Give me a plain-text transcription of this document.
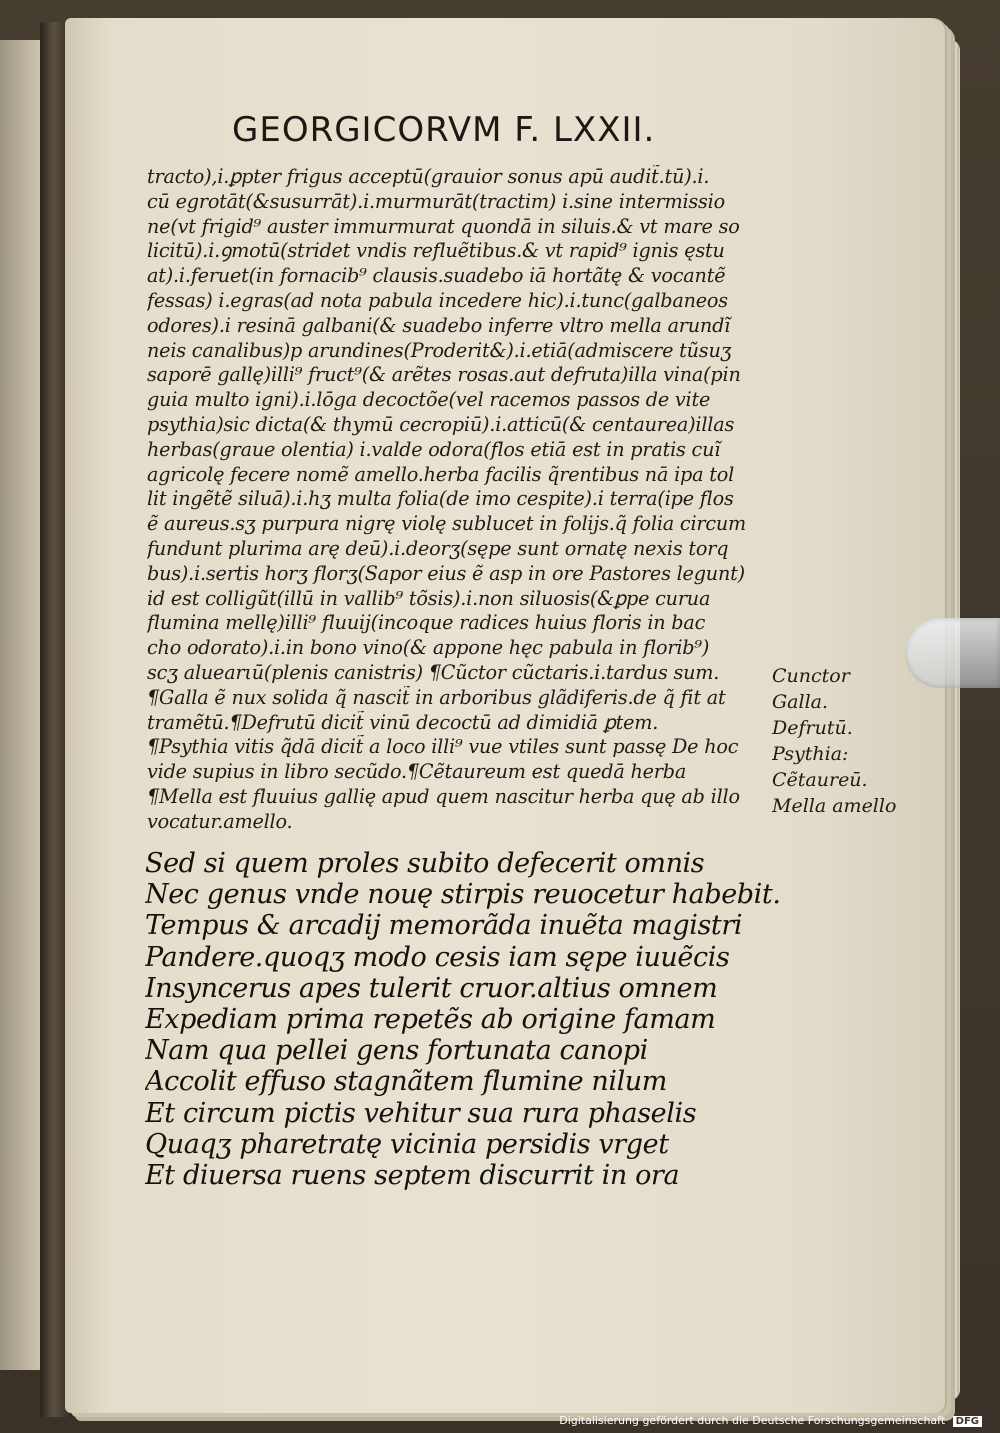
GEORGICORVM F. LXXII.
tracto),i.ꝑpter frigus acceptū(grauior sonus apū audit̃.tū).i.
cū egrotāt(&susurrāt).i.murmurāt(tractim) i.sine intermissio
ne(vt frigid⁹ auster immurmurat quondā in siluis.& vt mare so
licitū).i.ꝯmotū(stridet vndis refluẽtibus.& vt rapid⁹ ignis ęstu
at).i.feruet(in fornacib⁹ clausis.suadebo iā hortãtę & vocantẽ
fessas) i.egras(ad nota pabula incedere hic).i.tunc(galbaneos
odores).i resinā galbani(& suadebo inferre vltro mella arundĩ
neis canalibus)p arundines(Proderit&).i.etiā(admiscere tũsuʒ
saporē gallę)illi⁹ fruct⁹(& arẽtes rosas.aut defruta)illa vina(pin
guia multo igni).i.lōga decoctõe(vel racemos passos de vite
psythia)sic dicta(& thymū cecropiū).i.atticū(& centaurea)illas
herbas(graue olentia) i.valde odora(flos etiā est in pratis cuĩ
agricolę fecere nomẽ amello.herba facilis q̃rentibus nā ipa tol
lit ingẽtẽ siluā).i.hʒ multa folia(de imo cespite).i terra(ipe flos
ẽ aureus.sʒ purpura nigrę violę sublucet in folijs.q̃ folia circum
fundunt plurima arę deū).i.deorʒ(sępe sunt ornatę nexis torq
bus).i.sertis horʒ florʒ(Sapor eius ẽ asp in ore Pastores legunt)
id est colligũt(illū in vallib⁹ tõsis).i.non siluosis(&ꝑpe curua
flumina mellę)illi⁹ fluuij(incoque radices huius floris in bac
cho odorato).i.in bono vino(& appone hęc pabula in florib⁹)
scʒ aluearιū(plenis canistris) ¶Cũctor cũctaris.i.tardus sum.
¶Galla ẽ nux solida q̃ nascit̃ in arboribus glãdiferis.de q̃ fit at
tramẽtū.¶Defrutū dicit̃ vinū decoctū ad dimidiā ꝑtem.
¶Psythia vitis q̃dā dicit̃ a loco illi⁹ vue vtiles sunt passę De hoc
vide supius in libro secũdo.¶Cẽtaureum est quedā herba
¶Mella est fluuius gallię apud quem nascitur herba quę ab illo
vocatur.amello.
Cunctor
Galla.
Defrutū.
Psythia:
Cẽtaureū.
Mella amello
Sed si quem proles subito defecerit omnis
Nec genus vnde nouę stirpis reuocetur habebit.
Tempus & arcadij memorãda inuẽta magistri
Pandere.quoqʒ modo cesis iam sępe iuuẽcis
Insyncerus apes tulerit cruor.altius omnem
Expediam prima repetẽs ab origine famam
Nam qua pellei gens fortunata canopi
Accolit effuso stagnãtem flumine nilum
Et circum pictis vehitur sua rura phaselis
Quaqʒ pharetratę vicinia persidis vrget
Et diuersa ruens septem discurrit in ora
Digitalisierung gefördert durch die Deutsche Forschungsgemeinschaft DFG
